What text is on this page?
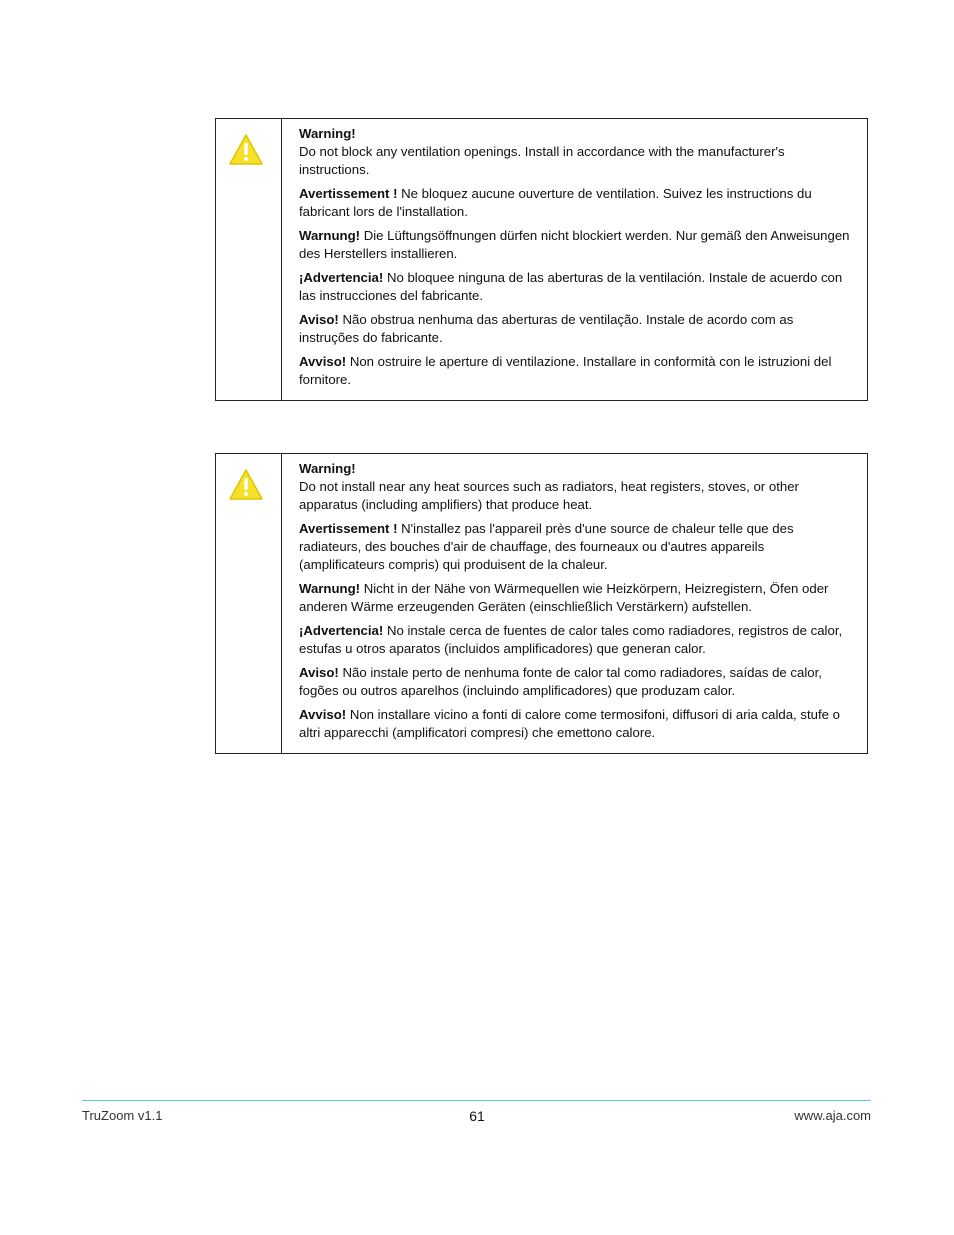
Warning!
Do not block any ventilation openings. Install in accordance with the manufacturer's instructions.

Avertissement ! Ne bloquez aucune ouverture de ventilation. Suivez les instructions du fabricant lors de l'installation.

Warnung! Die Lüftungsöffnungen dürfen nicht blockiert werden. Nur gemäß den Anweisungen des Herstellers installieren.

¡Advertencia! No bloquee ninguna de las aberturas de la ventilación. Instale de acuerdo con las instrucciones del fabricante.

Aviso! Não obstrua nenhuma das aberturas de ventilação. Instale de acordo com as instruções do fabricante.

Avviso! Non ostruire le aperture di ventilazione. Installare in conformità con le istruzioni del fornitore.

Warning!
Do not install near any heat sources such as radiators, heat registers, stoves, or other apparatus (including amplifiers) that produce heat.

Avertissement ! N'installez pas l'appareil près d'une source de chaleur telle que des radiateurs, des bouches d'air de chauffage, des fourneaux ou d'autres appareils (amplificateurs compris) qui produisent de la chaleur.

Warnung! Nicht in der Nähe von Wärmequellen wie Heizkörpern, Heizregistern, Öfen oder anderen Wärme erzeugenden Geräten (einschließlich Verstärkern) aufstellen.

¡Advertencia! No instale cerca de fuentes de calor tales como radiadores, registros de calor, estufas u otros aparatos (incluidos amplificadores) que generan calor.

Aviso! Não instale perto de nenhuma fonte de calor tal como radiadores, saídas de calor, fogões ou outros aparelhos (incluindo amplificadores) que produzam calor.

Avviso! Non installare vicino a fonti di calore come termosifoni, diffusori di aria calda, stufe o altri apparecchi (amplificatori compresi) che emettono calore.

TruZoom v1.1	61	www.aja.com
